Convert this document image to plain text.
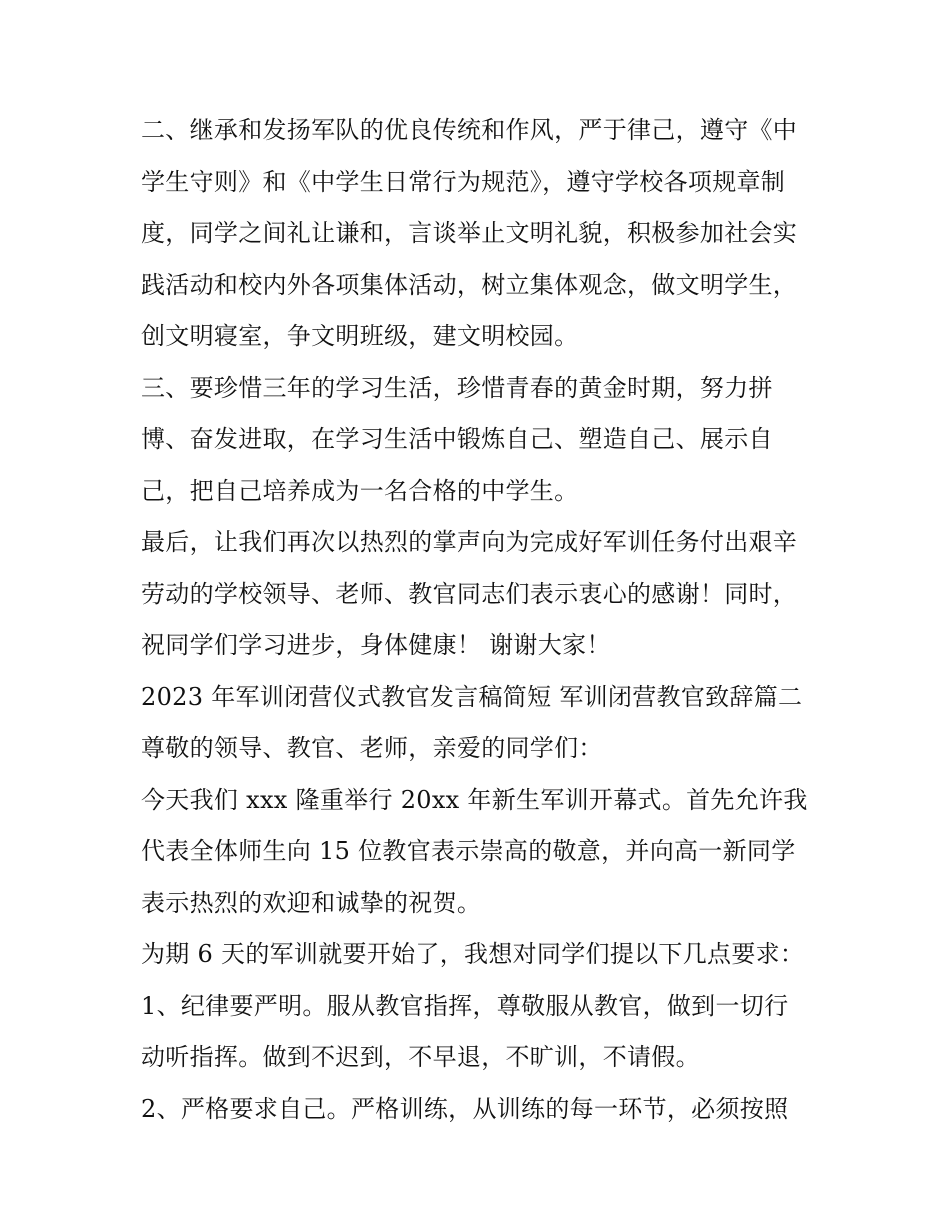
二、继承和发扬军队的优良传统和作风，严于律己，遵守《中
学生守则》和《中学生日常行为规范》，遵守学校各项规章制
度，同学之间礼让谦和，言谈举止文明礼貌，积极参加社会实
践活动和校内外各项集体活动，树立集体观念，做文明学生，
创文明寝室，争文明班级，建文明校园。
三、要珍惜三年的学习生活，珍惜青春的黄金时期，努力拼
博、奋发进取，在学习生活中锻炼自己、塑造自己、展示自
己，把自己培养成为一名合格的中学生。
最后，让我们再次以热烈的掌声向为完成好军训任务付出艰辛
劳动的学校领导、老师、教官同志们表示衷心的感谢！同时，
祝同学们学习进步，身体健康！ 谢谢大家！
2023 年军训闭营仪式教官发言稿简短 军训闭营教官致辞篇二
尊敬的领导、教官、老师，亲爱的同学们：
今天我们 xxx 隆重举行 20xx 年新生军训开幕式。首先允许我
代表全体师生向 15 位教官表示崇高的敬意，并向高一新同学
表示热烈的欢迎和诚挚的祝贺。
为期 6 天的军训就要开始了，我想对同学们提以下几点要求：
1、纪律要严明。服从教官指挥，尊敬服从教官，做到一切行
动听指挥。做到不迟到，不早退，不旷训，不请假。
2、严格要求自己。严格训练，从训练的每一环节，必须按照
